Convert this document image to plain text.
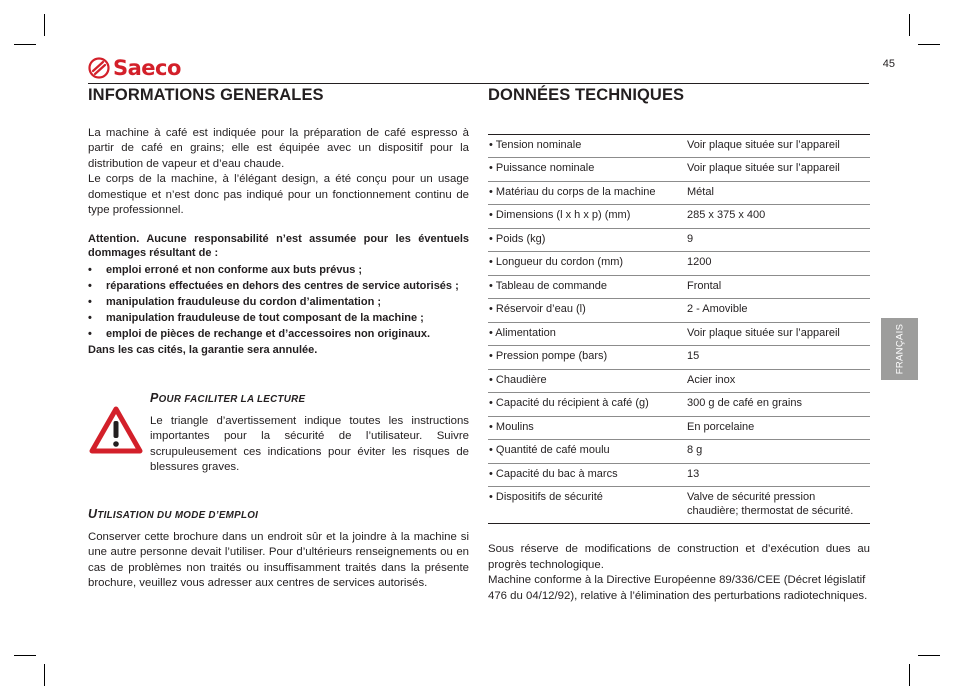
Saeco	45
INFORMATIONS GENERALES

La machine à café est indiquée pour la préparation de café espresso à partir de café en grains; elle est équipée avec un dispositif pour la distribution de vapeur et d’eau chaude.

Le corps de la machine, à l’élégant design, a été conçu pour un usage domestique et n’est donc pas indiqué pour un fonctionnement continu de type professionnel.

Attention. Aucune responsabilité n’est assumée pour les éventuels dommages résultant de :

• emploi erroné et non conforme aux buts prévus ;
• réparations effectuées en dehors des centres de service autorisés ;
• manipulation frauduleuse du cordon d’alimentation ;
• manipulation frauduleuse de tout composant de la machine ;
• emploi de pièces de rechange et d’accessoires non originaux.

Dans les cas cités, la garantie sera annulée.

POUR FACILITER LA LECTURE

Le triangle d’avertissement indique toutes les instructions importantes pour la sécurité de l’utilisateur. Suivre scrupuleusement ces indications pour éviter les risques de blessures graves.

UTILISATION DU MODE D’EMPLOI

Conserver cette brochure dans un endroit sûr et la joindre à la machine si une autre personne devait l’utiliser. Pour d’ultérieurs renseignements ou en cas de problèmes non traités ou insuffisamment traités dans la présente brochure, veuillez vous adresser aux centres de services autorisés.

DONNÉES TECHNIQUES
• Tension nominale	Voir plaque située sur l’appareil
• Puissance nominale	Voir plaque située sur l’appareil
• Matériau du corps de la machine	Métal
• Dimensions (l x h x p) (mm)	285 x 375 x 400
• Poids (kg)	9
• Longueur du cordon (mm)	1200
• Tableau de commande	Frontal
• Réservoir d’eau (l)	2 - Amovible
• Alimentation	Voir plaque située sur l’appareil
• Pression pompe (bars)	15
• Chaudière	Acier inox
• Capacité du récipient à café (g)	300 g de café en grains
• Moulins	En porcelaine
• Quantité de café moulu	8 g
• Capacité du bac à marcs	13
• Dispositifs de sécurité	Valve de sécurité pression chaudière; thermostat de sécurité.

Sous réserve de modifications de construction et d’exécution dues au progrès technologique.

Machine conforme à la Directive Européenne 89/336/CEE (Décret législatif 476 du 04/12/92), relative à l’élimination des perturbations radiotechniques.

FRANÇAIS
